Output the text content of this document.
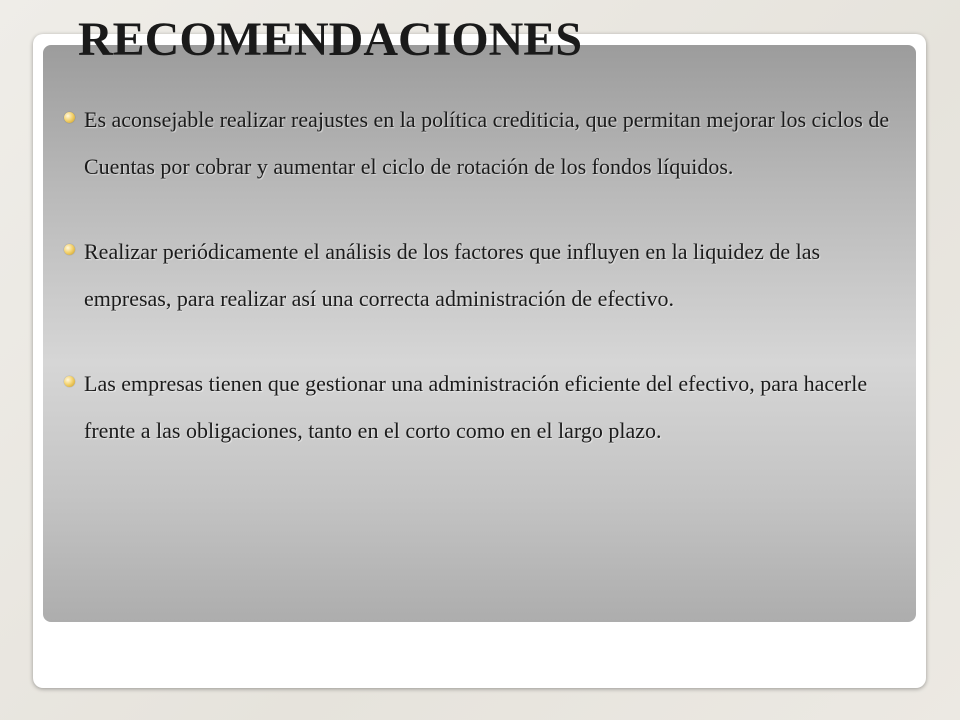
RECOMENDACIONES
Es aconsejable realizar reajustes en la política crediticia, que permitan mejorar los ciclos de Cuentas por cobrar y aumentar el ciclo de rotación de los fondos líquidos.
Realizar periódicamente el análisis de los factores que influyen en la liquidez de las empresas, para realizar así una correcta administración de efectivo.
Las empresas tienen que gestionar una administración eficiente del efectivo, para hacerle frente a las obligaciones, tanto en el corto como en el largo plazo.
